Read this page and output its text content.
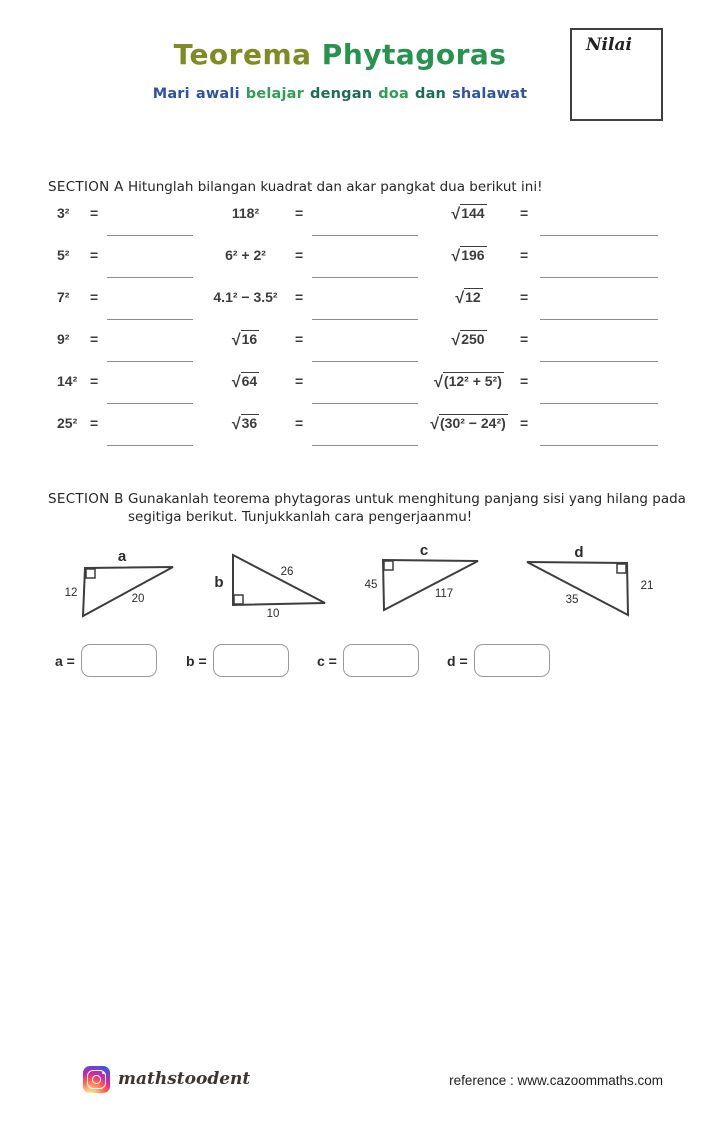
Teorema Phytagoras
Mari awali belajar dengan doa dan shalawat
Nilai
SECTION A Hitunglah bilangan kuadrat dan akar pangkat dua berikut ini!
3² =	118²	=	√144	=
5² =	6² + 2²	=	√196	=
7² =	4.1² − 3.5²	=	√12	=
9² =	√16	=	√250	=
14² =	√64	=	√(12² + 5²)	=
25² =	√36	=	√(30² − 24²)	=
SECTION B Gunakanlah teorema phytagoras untuk menghitung panjang sisi yang hilang pada
segitiga berikut. Tunjukkanlah cara pengerjaanmu!
a
12	20
b
26
10
c
45
117
d
21
35
a =	b =	c =	d =
mathstoodent	reference : www.cazoommaths.com
